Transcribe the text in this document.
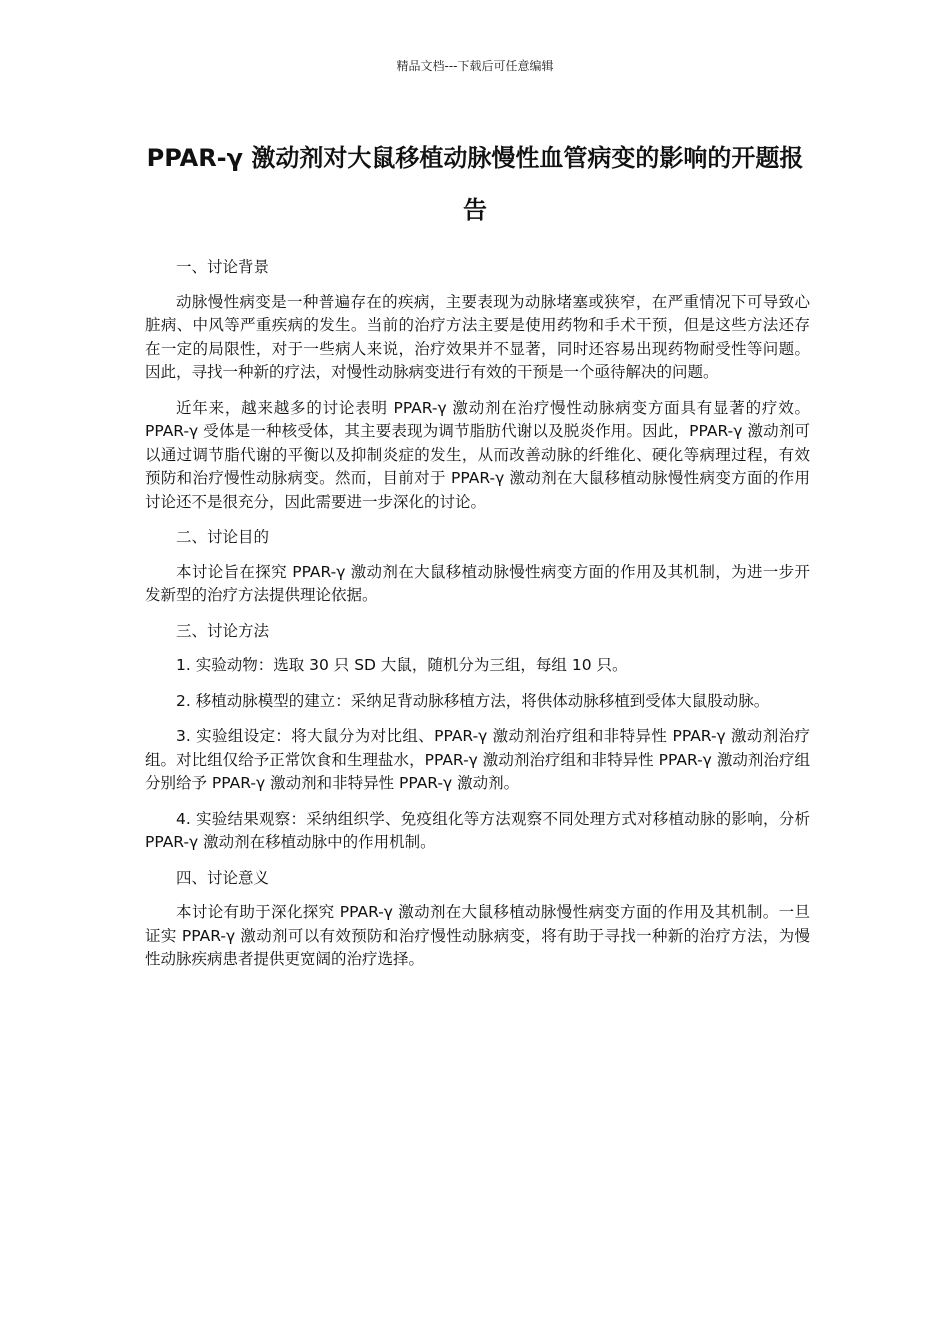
精品文档---下载后可任意编辑
PPAR-γ 激动剂对大鼠移植动脉慢性血管病变的影响的开题报告

一、讨论背景

动脉慢性病变是一种普遍存在的疾病，主要表现为动脉堵塞或狭窄，在严重情况下可导致心脏病、中风等严重疾病的发生。当前的治疗方法主要是使用药物和手术干预，但是这些方法还存在一定的局限性，对于一些病人来说，治疗效果并不显著，同时还容易出现药物耐受性等问题。因此，寻找一种新的疗法，对慢性动脉病变进行有效的干预是一个亟待解决的问题。

近年来，越来越多的讨论表明 PPAR-γ 激动剂在治疗慢性动脉病变方面具有显著的疗效。PPAR-γ 受体是一种核受体，其主要表现为调节脂肪代谢以及脱炎作用。因此，PPAR-γ 激动剂可以通过调节脂代谢的平衡以及抑制炎症的发生，从而改善动脉的纤维化、硬化等病理过程，有效预防和治疗慢性动脉病变。然而，目前对于 PPAR-γ 激动剂在大鼠移植动脉慢性病变方面的作用讨论还不是很充分，因此需要进一步深化的讨论。

二、讨论目的

本讨论旨在探究 PPAR-γ 激动剂在大鼠移植动脉慢性病变方面的作用及其机制，为进一步开发新型的治疗方法提供理论依据。

三、讨论方法

1. 实验动物：选取 30 只 SD 大鼠，随机分为三组，每组 10 只。

2. 移植动脉模型的建立：采纳足背动脉移植方法，将供体动脉移植到受体大鼠股动脉。

3. 实验组设定：将大鼠分为对比组、PPAR-γ 激动剂治疗组和非特异性 PPAR-γ 激动剂治疗组。对比组仅给予正常饮食和生理盐水，PPAR-γ 激动剂治疗组和非特异性 PPAR-γ 激动剂治疗组分别给予 PPAR-γ 激动剂和非特异性 PPAR-γ 激动剂。

4. 实验结果观察：采纳组织学、免疫组化等方法观察不同处理方式对移植动脉的影响，分析 PPAR-γ 激动剂在移植动脉中的作用机制。

四、讨论意义

本讨论有助于深化探究 PPAR-γ 激动剂在大鼠移植动脉慢性病变方面的作用及其机制。一旦证实 PPAR-γ 激动剂可以有效预防和治疗慢性动脉病变，将有助于寻找一种新的治疗方法，为慢性动脉疾病患者提供更宽阔的治疗选择。
